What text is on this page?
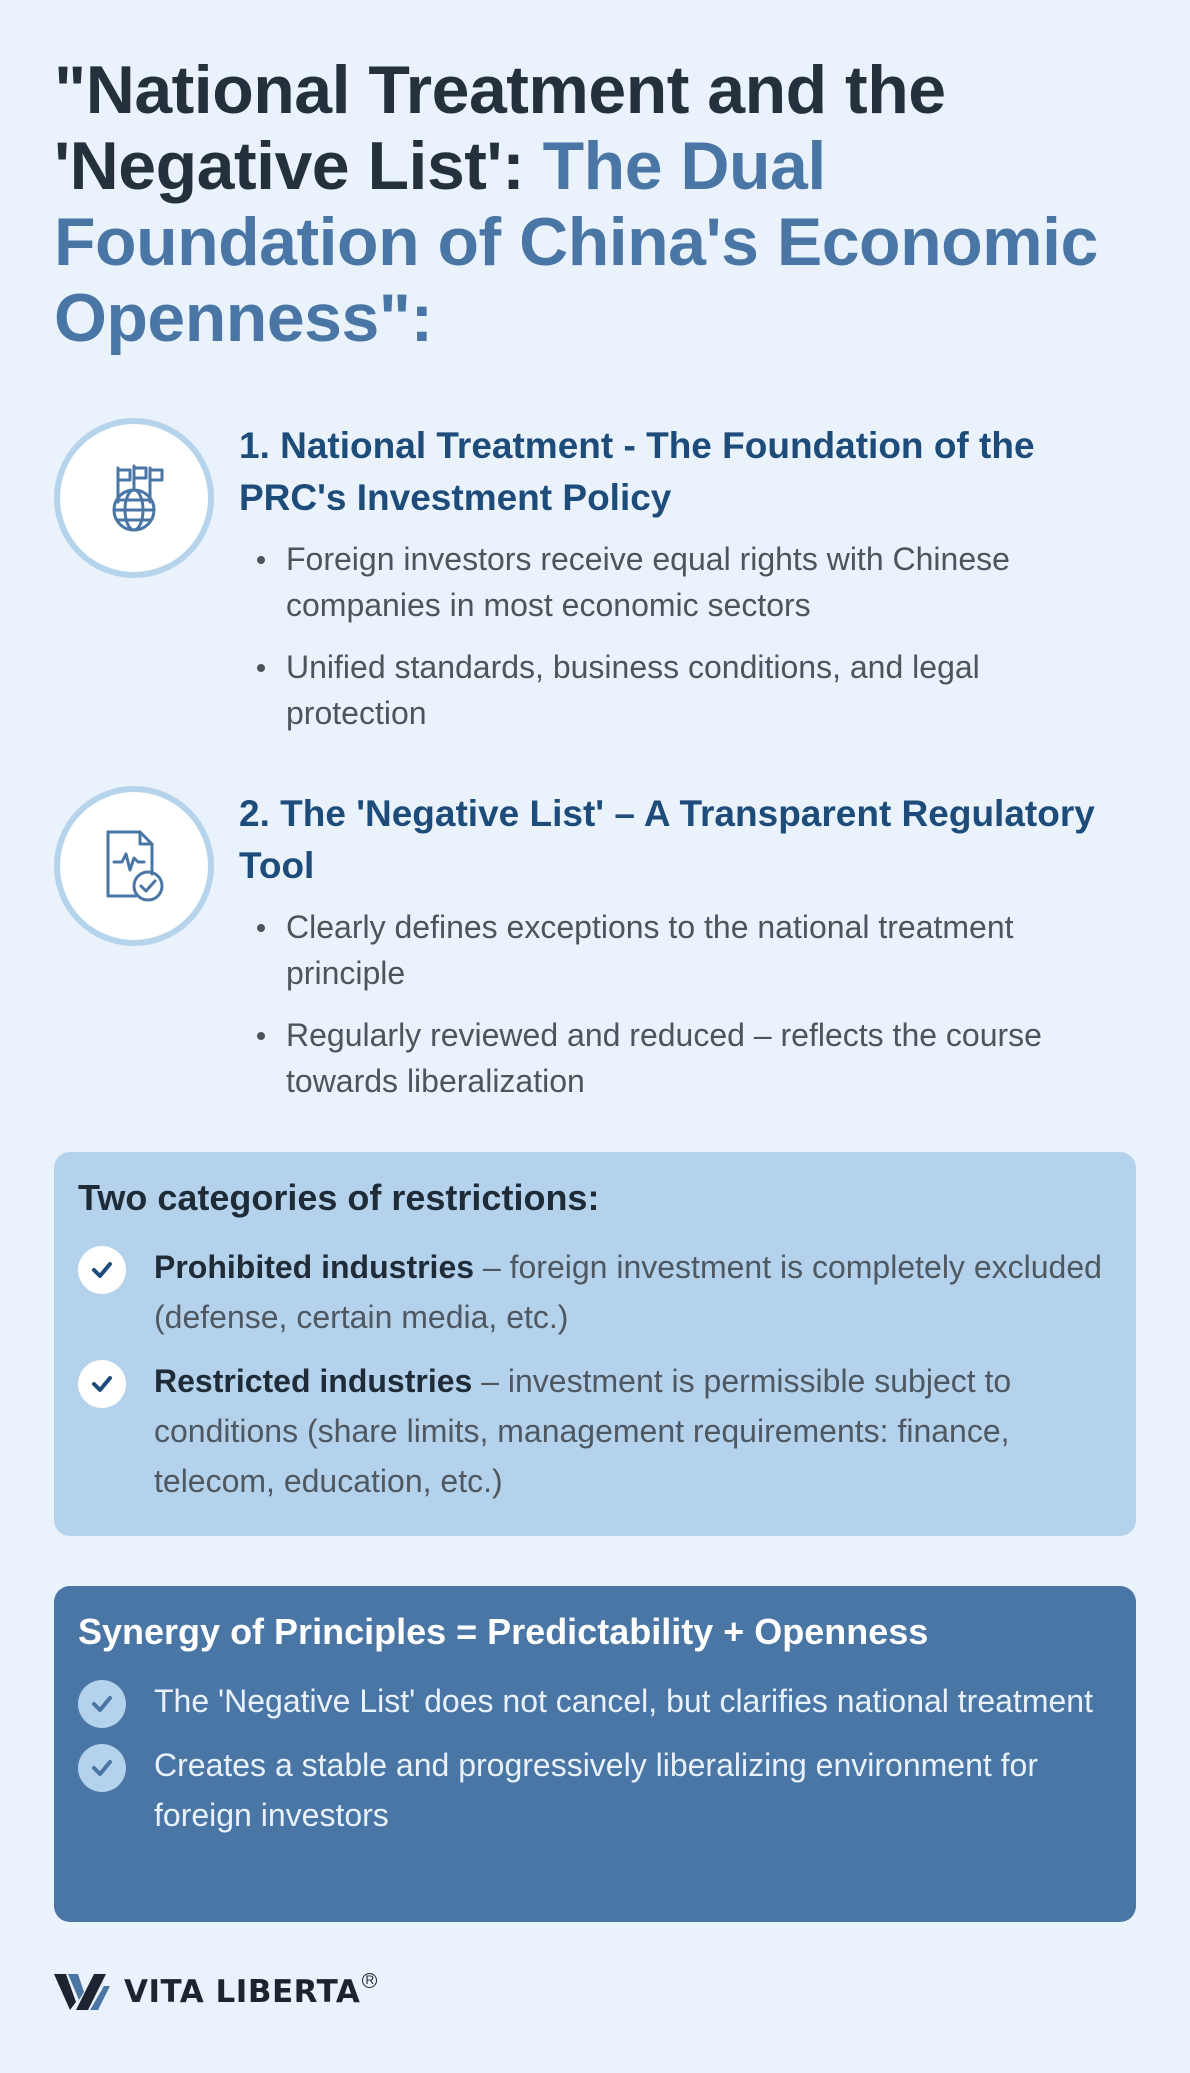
"National Treatment and the 'Negative List': The Dual Foundation of China's Economic Openness":
1. National Treatment - The Foundation of the PRC's Investment Policy
Foreign investors receive equal rights with Chinese companies in most economic sectors
Unified standards, business conditions, and legal protection
2. The 'Negative List' – A Transparent Regulatory Tool
Clearly defines exceptions to the national treatment principle
Regularly reviewed and reduced – reflects the course towards liberalization
Two categories of restrictions:
Prohibited industries – foreign investment is completely excluded (defense, certain media, etc.)
Restricted industries – investment is permissible subject to conditions (share limits, management requirements: finance, telecom, education, etc.)
Synergy of Principles = Predictability + Openness
The 'Negative List' does not cancel, but clarifies national treatment
Creates a stable and progressively liberalizing environment for foreign investors
VITA LIBERTA R
